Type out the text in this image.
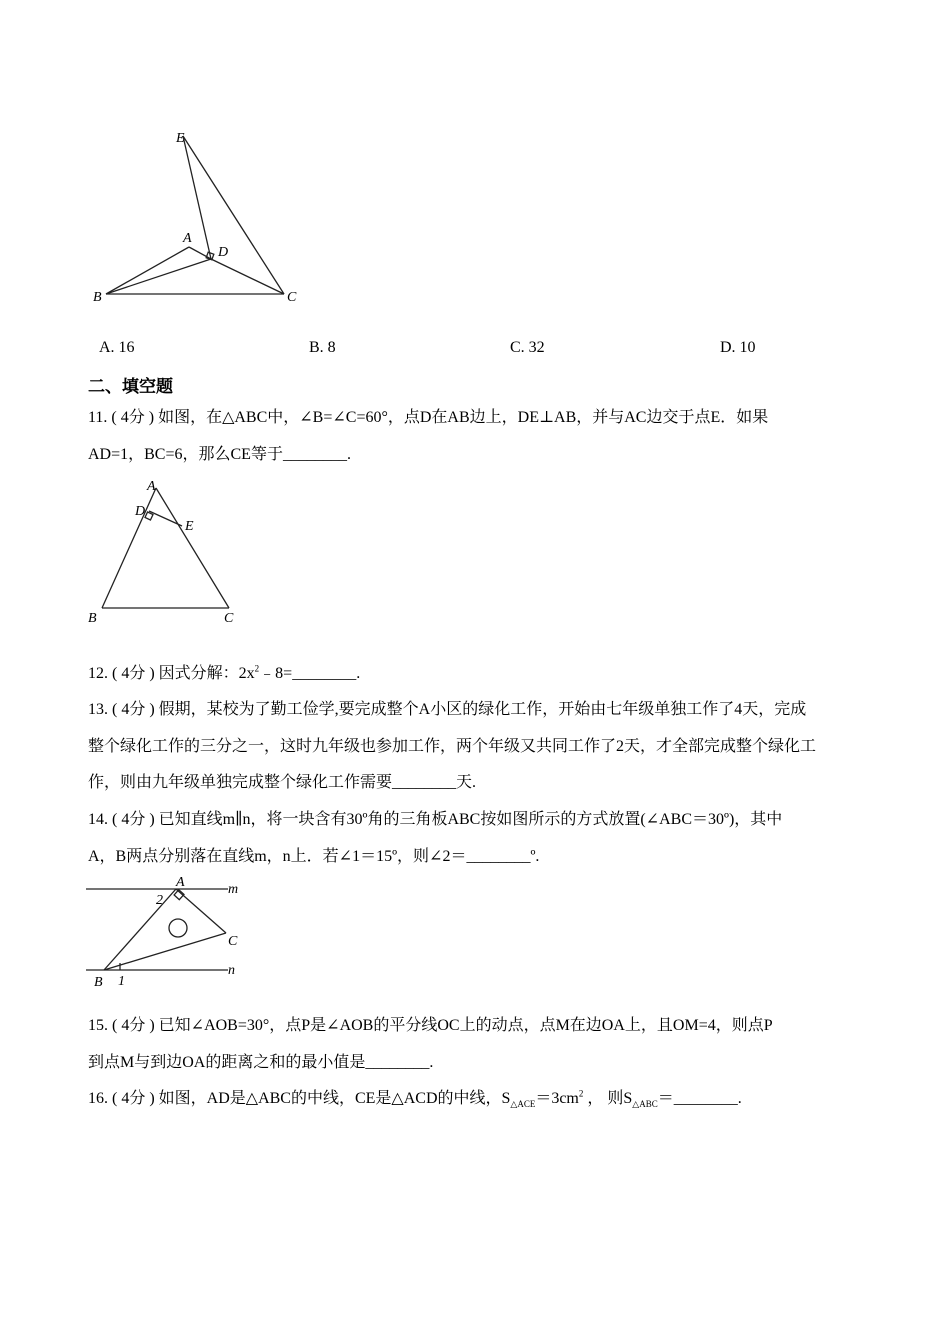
E
A
D
B	C
A. 16	B. 8	C. 32	D. 10
二、填空题
11. ( 4分 ) 如图，在△ABC中，∠B=∠C=60°，点D在AB边上，DE⊥AB，并与AC边交于点E．如果
AD=1，BC=6，那么CE等于________.
A
D
E
B	C
12. ( 4分 ) 因式分解：$2x^2﹣8=\_\_\_\_\_\_\_\_$.
13. ( 4分 ) 假期，某校为了勤工俭学,要完成整个A小区的绿化工作，开始由七年级单独工作了4天，完成
整个绿化工作的三分之一，这时九年级也参加工作，两个年级又共同工作了2天，才全部完成整个绿化工
作，则由九年级单独完成整个绿化工作需要________天.
14. ( 4分 ) 已知直线m∥n，将一块含有30º角的三角板ABC按如图所示的方式放置(∠ABC＝30º)，其中
A，B两点分别落在直线m，n上．若∠1＝15º，则∠2＝________º.
A	m
2
C
n
B 1
15. ( 4分 ) 已知∠AOB=30°，点P是∠AOB的平分线OC上的动点，点M在边OA上，且OM=4，则点P
到点M与到边OA的距离之和的最小值是________.
16. ( 4分 ) 如图，AD是△ABC的中线，CE是△ACD的中线，$S_{\triangle ACE}=3cm^2$ ， 则$S_{\triangle ABC}=\_\_\_\_\_\_\_\_$.
